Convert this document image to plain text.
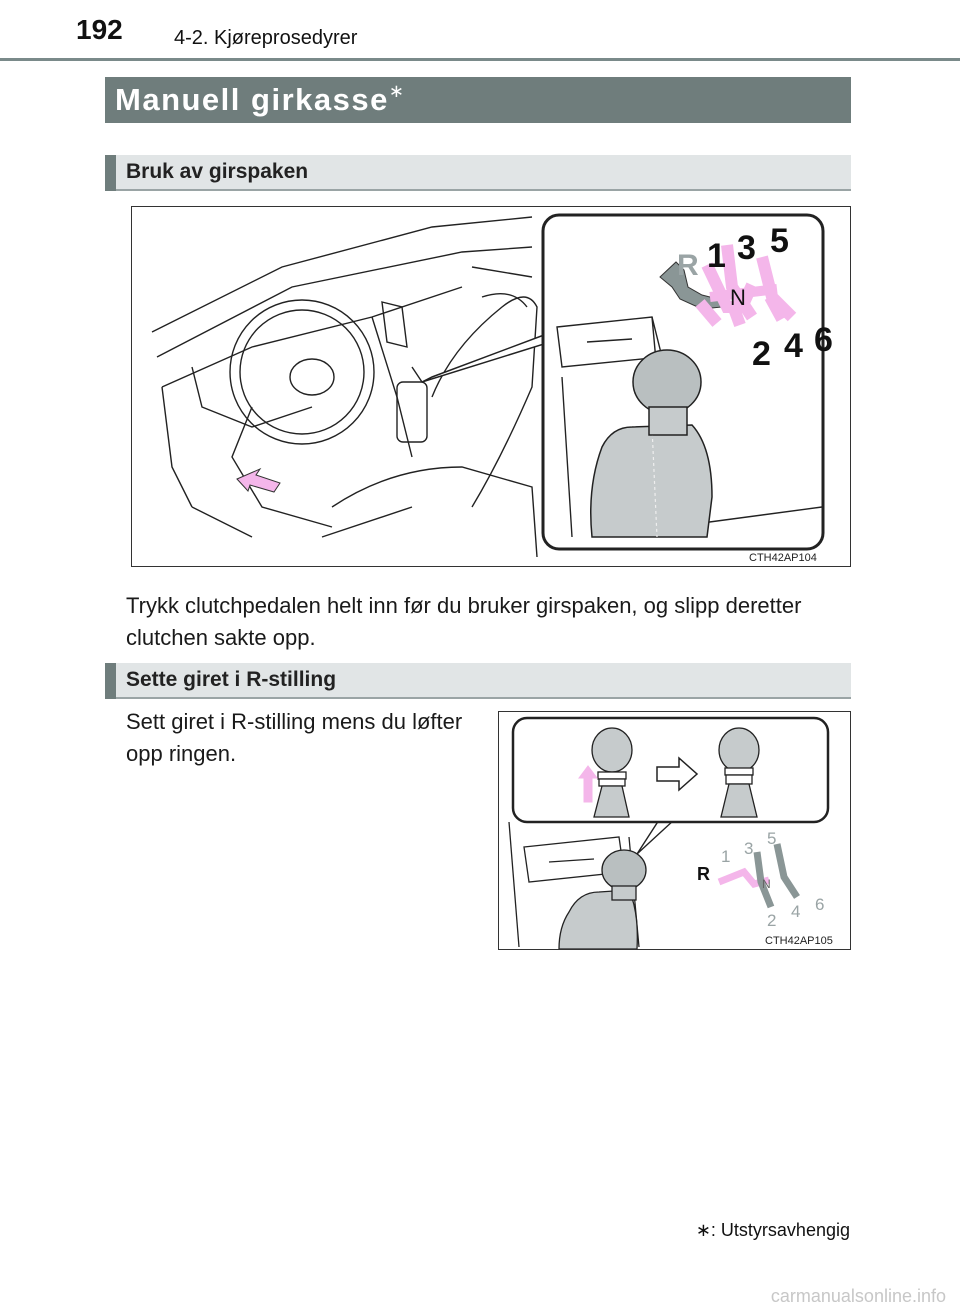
192	4-2. Kjøreprosedyrer
Manuell girkasse∗
Bruk av girspaken
R 1 3 5
N
2 4 6
CTH42AP104
Trykk clutchpedalen helt inn før du bruker girspaken, og slipp deretter clutchen sakte opp.
Sette giret i R-stilling
Sett giret i R-stilling mens du løfter opp ringen.
R
1 3
5
N
2 4 6
CTH42AP105
∗: Utstyrsavhengig
carmanualsonline.info
